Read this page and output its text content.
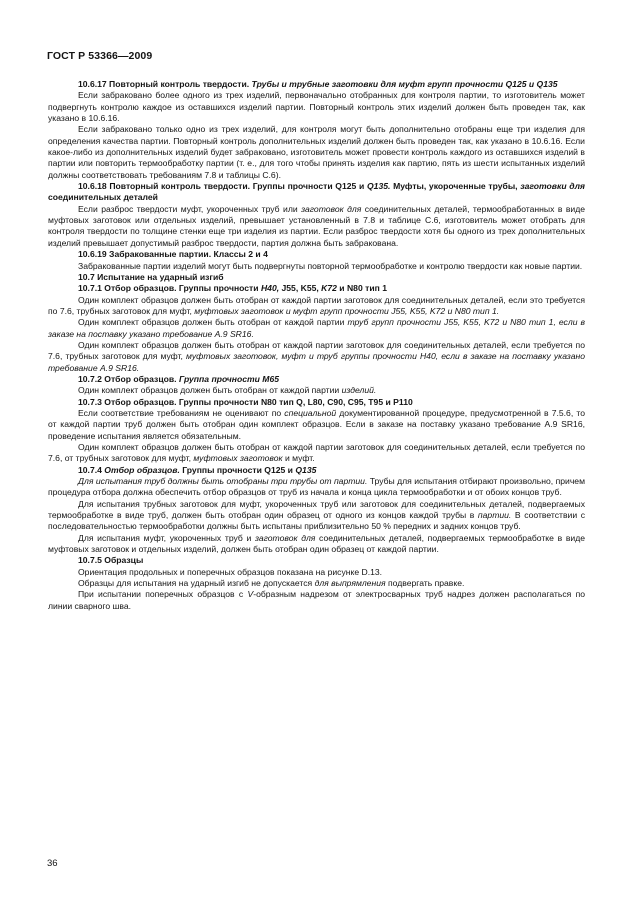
ГОСТ Р 53366—2009

10.6.17 Повторный контроль твердости. Трубы и трубные заготовки для муфт групп прочности Q125 и Q135

Если забраковано более одного из трех изделий, первоначально отобранных для контроля партии, то изготовитель может подвергнуть контролю каждое из оставшихся изделий партии. Повторный контроль этих изделий должен быть проведен так, как указано в 10.6.16.

Если забраковано только одно из трех изделий, для контроля могут быть дополнительно отобраны еще три изделия для определения качества партии. Повторный контроль дополнительных изделий должен быть проведен так, как указано в 10.6.16. Если какое-либо из дополнительных изделий будет забраковано, изготовитель может провести контроль каждого из оставшихся изделий в партии или повторить термообработку партии (т. е., для того чтобы принять изделия как партию, пять из шести испытанных изделий должны соответствовать требованиям 7.8 и таблицы С.6).

10.6.18 Повторный контроль твердости. Группы прочности Q125 и Q135. Муфты, укороченные трубы, заготовки для соединительных деталей

Если разброс твердости муфт, укороченных труб или заготовок для соединительных деталей, термообработанных в виде муфтовых заготовок или отдельных изделий, превышает установленный в 7.8 и таблице С.6, изготовитель может отобрать для контроля твердости по толщине стенки еще три изделия из партии. Если разброс твердости хотя бы одного из трех дополнительных изделий превышает допустимый разброс твердости, партия должна быть забракована.

10.6.19 Забракованные партии. Классы 2 и 4

Забракованные партии изделий могут быть подвергнуты повторной термообработке и контролю твердости как новые партии.

10.7 Испытание на ударный изгиб

10.7.1 Отбор образцов. Группы прочности Н40, J55, K55, K72 и N80 тип 1

Один комплект образцов должен быть отобран от каждой партии заготовок для соединительных деталей, если это требуется по 7.6, трубных заготовок для муфт, муфтовых заготовок и муфт групп прочности J55, K55, K72 и N80 тип 1.

Один комплект образцов должен быть отобран от каждой партии труб групп прочности J55, K55, K72 и N80 тип 1, если в заказе на поставку указано требование А.9 SR16.

Один комплект образцов должен быть отобран от каждой партии заготовок для соединительных деталей, если требуется по 7.6, трубных заготовок для муфт, муфтовых заготовок, муфт и труб группы прочности Н40, если в заказе на поставку указано требование А.9 SR16.

10.7.2 Отбор образцов. Группа прочности М65

Один комплект образцов должен быть отобран от каждой партии изделий.

10.7.3 Отбор образцов. Группы прочности N80 тип Q, L80, С90, С95, Т95 и Р110

Если соответствие требованиям не оценивают по специальной документированной процедуре, предусмотренной в 7.5.6, то от каждой партии труб должен быть отобран один комплект образцов. Если в заказе на поставку указано требование А.9 SR16, проведение испытания является обязательным.

Один комплект образцов должен быть отобран от каждой партии заготовок для соединительных деталей, если требуется по 7.6, от трубных заготовок для муфт, муфтовых заготовок и муфт.

10.7.4 Отбор образцов. Группы прочности Q125 и Q135

Для испытания труб должны быть отобраны три трубы от партии. Трубы для испытания отбирают произвольно, причем процедура отбора должна обеспечить отбор образцов от труб из начала и конца цикла термообработки и от обоих концов труб.

Для испытания трубных заготовок для муфт, укороченных труб или заготовок для соединительных деталей, подвергаемых термообработке в виде труб, должен быть отобран один образец от одного из концов каждой трубы в партии. В соответствии с последовательностью термообработки должны быть испытаны приблизительно 50 % передних и задних концов труб.

Для испытания муфт, укороченных труб и заготовок для соединительных деталей, подвергаемых термообработке в виде муфтовых заготовок и отдельных изделий, должен быть отобран один образец от каждой партии.

10.7.5 Образцы

Ориентация продольных и поперечных образцов показана на рисунке D.13.

Образцы для испытания на ударный изгиб не допускается для выпрямления подвергать правке.

При испытании поперечных образцов с V-образным надрезом от электросварных труб надрез должен располагаться по линии сварного шва.

36
